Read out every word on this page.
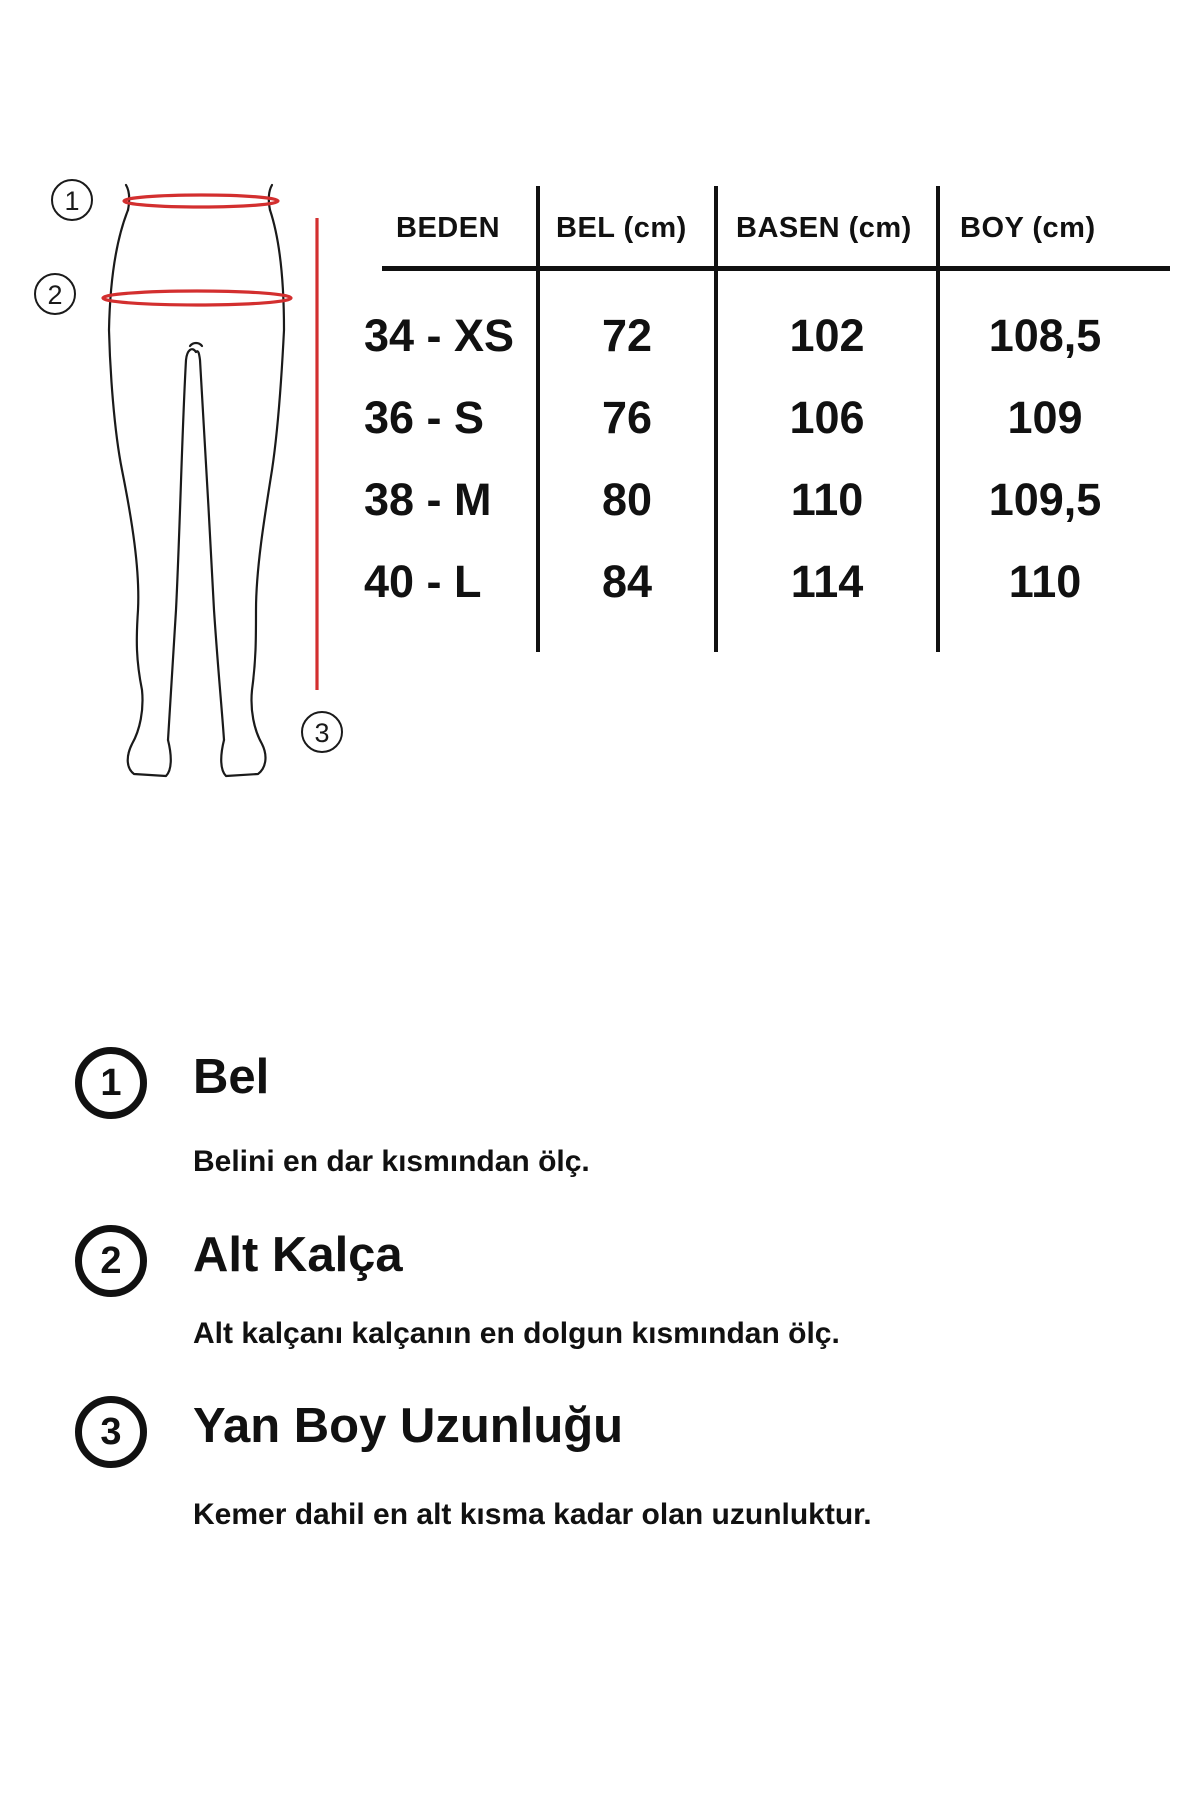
1
2
3
BEDEN BEL (cm) BASEN (cm) BOY (cm)
34 - XS	72	102	108,5
36 - S	76	106	109
38 - M	80	110	109,5
40 - L	84	114	110
1	Bel
Belini en dar kısmından ölç.
2	Alt Kalça
Alt kalçanı kalçanın en dolgun kısmından ölç.
3	Yan Boy Uzunluğu
Kemer dahil en alt kısma kadar olan uzunluktur.
